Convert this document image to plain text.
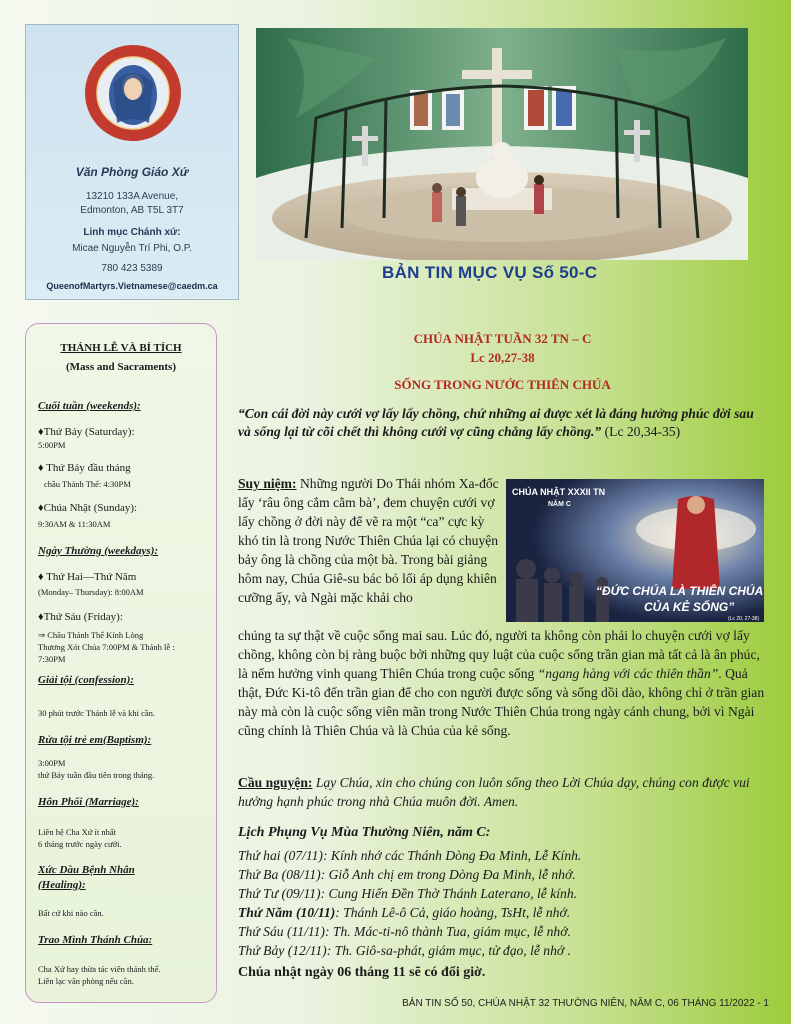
Văn Phòng Giáo Xứ
13210 133A Avenue,
Edmonton, AB T5L 3T7
Linh mục Chánh xứ:
Micae Nguyễn Trí Phi, O.P.
780 423 5389
QueenofMartyrs.Vietnamese@caedm.ca
BẢN TIN MỤC VỤ Số 50-C
THÁNH LỄ VÀ BÍ TÍCH
(Mass and Sacraments)
Cuối tuần (weekends):
♦Thứ Bảy (Saturday):
5:00PM
♦ Thứ Bảy đầu tháng
chầu Thánh Thể: 4:30PM
♦Chúa Nhật (Sunday):
9:30AM & 11:30AM
Ngày Thường (weekdays):
♦ Thứ Hai—Thứ Năm
(Monday– Thursday): 8:00AM
♦Thứ Sáu (Friday):
⇒ Chầu Thánh Thể Kính Lòng
Thương Xót Chúa 7:00PM & Thánh lễ :
7:30PM
Giải tội (confession):
30 phút trước Thánh lễ và khi cần.
Rửa tội trẻ em(Baptism):
3:00PM
thứ Bảy tuần đầu tiên trong tháng.
Hôn Phối (Marriage):
Liên hệ Cha Xứ ít nhất
6 tháng trước ngày cưới.
Xức Dầu Bệnh Nhân
(Healing):
Bất cứ khi nào cần.
Trao Mình Thánh Chúa:
Cha Xứ hay thừa tác viên thánh thể.
Liên lạc văn phòng nếu cần.
CHÚA NHẬT TUẦN 32 TN – C
Lc 20,27-38
SỐNG TRONG NƯỚC THIÊN CHÚA
“Con cái đời này cưới vợ lấy lấy chồng, chứ những ai được xét là đáng hưởng phúc đời sau và sống lại từ cõi chết thì không cưới vợ cũng chẳng lấy chồng.” (Lc 20,34-35)
Suy niệm: Những người Do Thái nhóm Xa-đốc lấy ‘râu ông cắm cằm bà’, đem chuyện cưới vợ lấy chồng ở đời này để vẽ ra một “ca” cực kỳ khó tin là trong Nước Thiên Chúa lại có chuyện bảy ông là chồng của một bà. Trong bài giảng hôm nay, Chúa Giê-su bác bỏ lối áp dụng khiên cưỡng ấy, và Ngài mặc khải cho
CHÚA NHẬT XXXII TN
NĂM C
“ĐỨC CHÚA LÀ THIÊN CHÚA
CỦA KẺ SỐNG”
(Lc 20, 27-38)
chúng ta sự thật về cuộc sống mai sau. Lúc đó, người ta không còn phải lo chuyện cưới vợ lấy chồng, không còn bị ràng buộc bởi những quy luật của cuộc sống trần gian mà tất cả là ân phúc, là nếm hưởng vinh quang Thiên Chúa trong cuộc sống “ngang hàng với các thiên thần”. Quả thật, Đức Ki-tô đến trần gian để cho con người được sống và sống dồi dào, không chỉ ở trần gian này mà còn là cuộc sống viên mãn trong Nước Thiên Chúa trong ngày cánh chung, bởi vì Ngài cũng chính là Thiên Chúa và là Chúa của kẻ sống.
Cầu nguyện: Lạy Chúa, xin cho chúng con luôn sống theo Lời Chúa dạy, chúng con được vui hưởng hạnh phúc trong nhà Chúa muôn đời. Amen.
Lịch Phụng Vụ Mùa Thường Niên, năm C:
Thứ hai (07/11): Kính nhớ các Thánh Dòng Đa Minh, Lễ Kính.
Thứ Ba (08/11): Giỗ Anh chị em trong Dòng Đa Minh, lễ nhớ.
Thứ Tư (09/11): Cung Hiến Đền Thờ Thánh Laterano, lễ kính.
Thứ Năm (10/11): Thánh Lê-ô Cả, giáo hoàng, TsHt, lễ nhớ.
Thứ Sáu (11/11): Th. Mác-ti-nô thành Tua, giám mục, lễ nhớ.
Thứ Bảy (12/11): Th. Giô-sa-phát, giám mục, tử đạo, lễ nhớ .
Chúa nhật ngày 06 tháng 11 sẽ có đổi giờ.
BẢN TIN SỐ 50, CHÚA NHẬT 32 THƯỜNG NIÊN, NĂM C, 06 THÁNG 11/2022 - 1
